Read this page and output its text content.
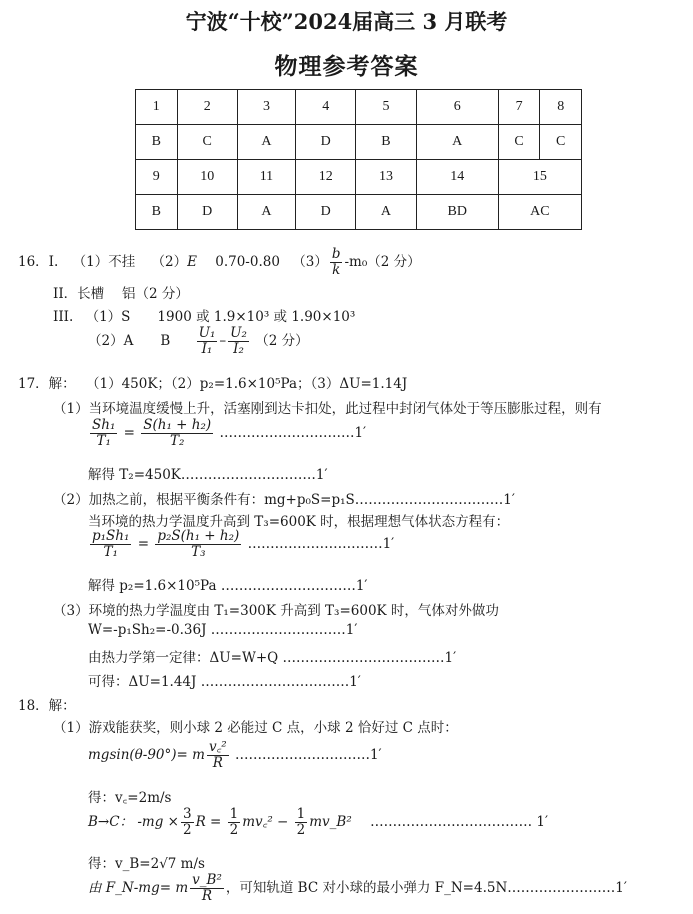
宁波“十校”2024届高三 3 月联考
物理参考答案
1	2	3	4	5	6	7	8
B	C	A	D	B	A	C	C
9	10	11	12	13	14	15	
B	D	A	D	A	BD	AC	
16．I. （1）不挂 （2）E 0.70-0.80 $(3) \frac{b}{k} -m_0(2$ 分）
II．长槽　 铝（2 分）
III. （1）S　　1900 或 1.9×10³ 或 1.90×10³
（2）A　　B $\frac{\text{U₁}}{\text{I₁}} - \frac{\text{U₂}}{\text{I₂}} (2$ 分）
17．解： （1）450K；（2）p₂=1.6×10⁵Pa；（3）ΔU=1.14J
（1）当环境温度缓慢上升，活塞刚到达卡扣处，此过程中封闭气体处于等压膨胀过程，则有
$\frac{\text{Sh₁}}{\text{T₁}} = \frac{\text{S(h₁ + h₂)}}{\text{T₂}}$ …………………………1′
解得 T₂=450K…………………………1′
（2）加热之前，根据平衡条件有：mg+p₀S=p₁S……………………………1′
当环境的热力学温度升高到 T₃=600K 时，根据理想气体状态方程有：
$\frac{\text{p₁Sh₁}}{\text{T₁}} = \frac{\text{p₂S(h₁ + h₂)}}{\text{T₃}}$ …………………………1′
解得 p₂=1.6×10⁵Pa …………………………1′
（3）环境的热力学温度由 T₁=300K 升高到 T₃=600K 时，气体对外做功
W=-p₁Sh₂=-0.36J …………………………1′
由热力学第一定律：ΔU=W+Q ………………………………1′
可得：ΔU=1.44J ……………………………1′
18．解：
（1）游戏能获奖，则小球 2 必能过 C 点，小球 2 恰好过 C 点时：
mgsin(θ-90°)= m $\frac{\text{v꜀²}}{R}$ …………………………1′
得：v꜀=2m/s
B→C： $-mg \times \frac{3}{2}$ $R = \frac{1}{2}$ mv꜀² − $\frac{1}{2}$ mv_B² ……………………………… 1′
得：v_B=2√7 m/s
由 F_N-mg= m $\frac{\text{v\_B²}}{R}$ ，可知轨道 BC 对小球的最小弹力 F_N=4.5N……………………1′
